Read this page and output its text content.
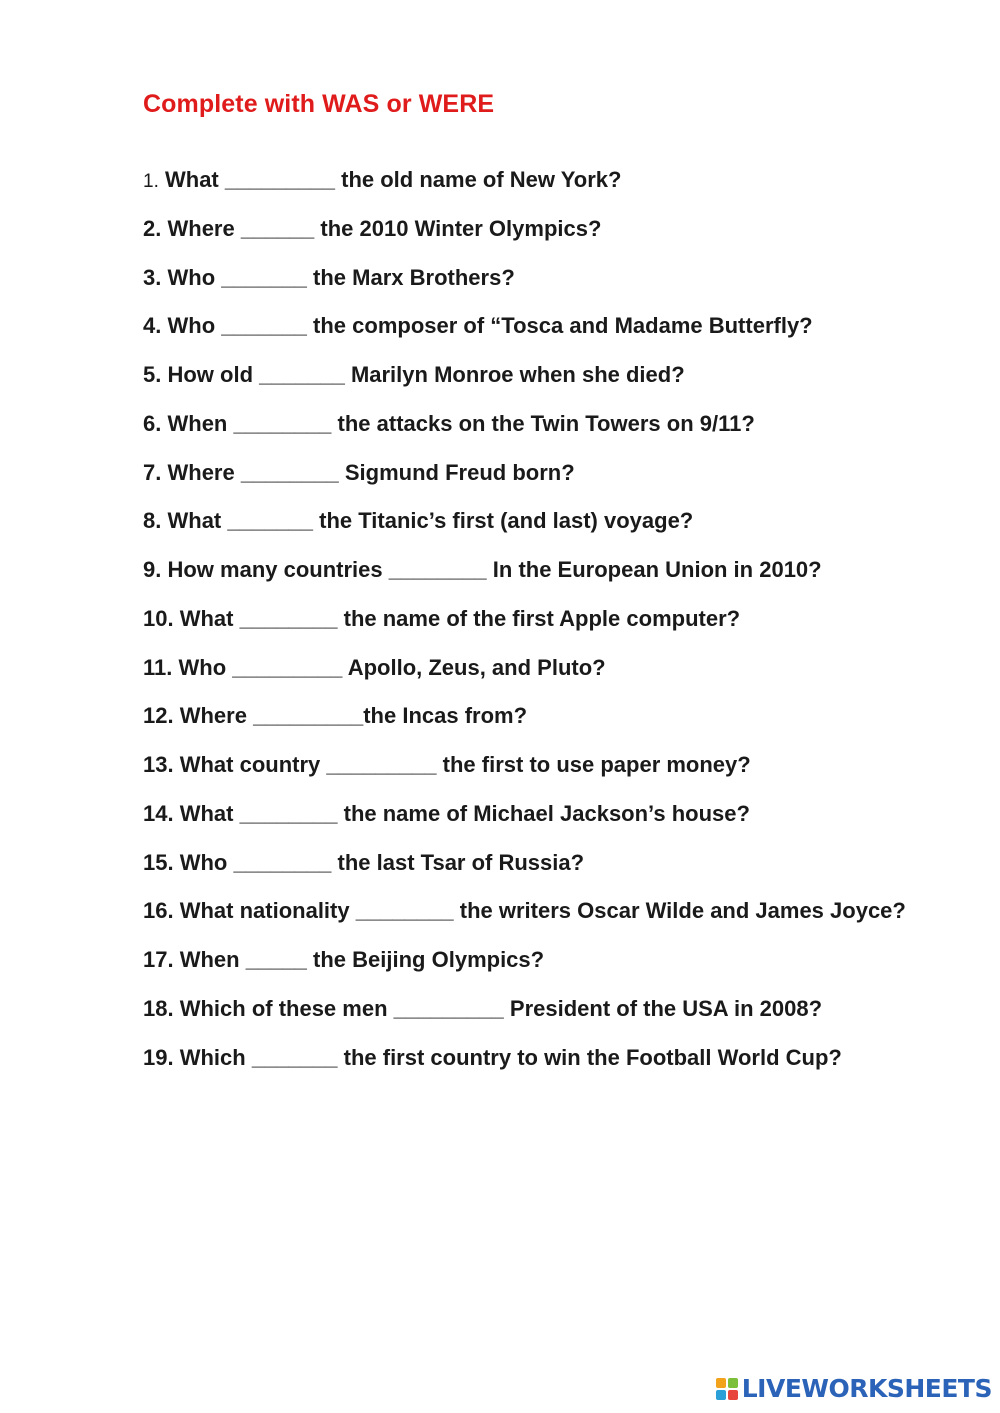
Complete with WAS or WERE
1. What _________ the old name of New York?
2. Where ______ the 2010 Winter Olympics?
3. Who _______ the Marx Brothers?
4. Who _______ the composer of “Tosca and Madame Butterfly?
5. How old _______ Marilyn Monroe when she died?
6. When ________ the attacks on the Twin Towers on 9/11?
7. Where ________ Sigmund Freud born?
8. What _______ the Titanic’s first (and last) voyage?
9. How many countries ________ In the European Union in 2010?
10. What ________ the name of the first Apple computer?
11. Who _________ Apollo, Zeus, and Pluto?
12. Where _________the Incas from?
13. What country _________ the first to use paper money?
14. What ________ the name of Michael Jackson’s house?
15. Who ________ the last Tsar of Russia?
16. What nationality ________ the writers Oscar Wilde and James Joyce?
17. When _____ the Beijing Olympics?
18. Which of these men _________ President of the USA in 2008?
19. Which _______ the first country to win the Football World Cup?
LIVEWORKSHEETS
